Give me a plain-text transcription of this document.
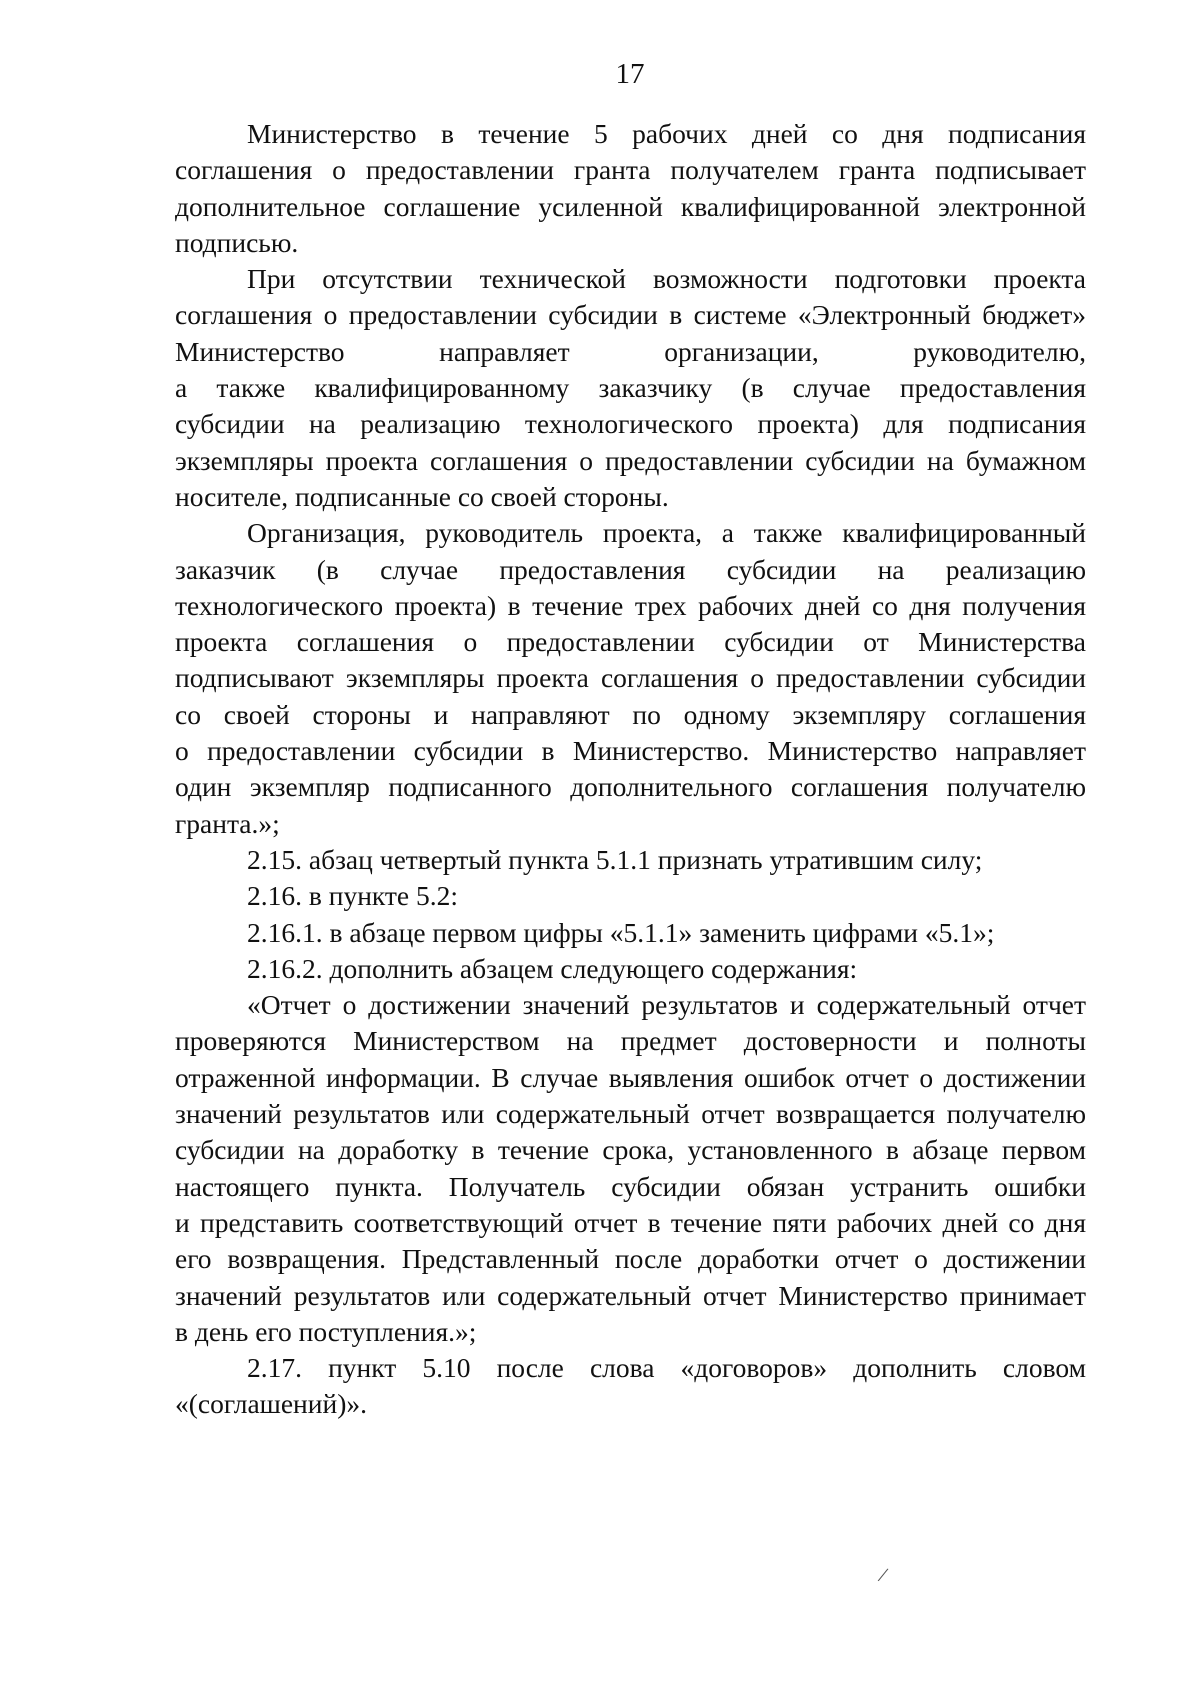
17
Министерство в течение 5 рабочих дней со дня подписания
соглашения о предоставлении гранта получателем гранта подписывает
дополнительное соглашение усиленной квалифицированной электронной
подписью.
При отсутствии технической возможности подготовки проекта
соглашения о предоставлении субсидии в системе «Электронный бюджет»
Министерство направляет организации, руководителю,
а также квалифицированному заказчику (в случае предоставления
субсидии на реализацию технологического проекта) для подписания
экземпляры проекта соглашения о предоставлении субсидии на бумажном
носителе, подписанные со своей стороны.
Организация, руководитель проекта, а также квалифицированный
заказчик (в случае предоставления субсидии на реализацию
технологического проекта) в течение трех рабочих дней со дня получения
проекта соглашения о предоставлении субсидии от Министерства
подписывают экземпляры проекта соглашения о предоставлении субсидии
со своей стороны и направляют по одному экземпляру соглашения
о предоставлении субсидии в Министерство. Министерство направляет
один экземпляр подписанного дополнительного соглашения получателю
гранта.»;
2.15. абзац четвертый пункта 5.1.1 признать утратившим силу;
2.16. в пункте 5.2:
2.16.1. в абзаце первом цифры «5.1.1» заменить цифрами «5.1»;
2.16.2. дополнить абзацем следующего содержания:
«Отчет о достижении значений результатов и содержательный отчет
проверяются Министерством на предмет достоверности и полноты
отраженной информации. В случае выявления ошибок отчет о достижении
значений результатов или содержательный отчет возвращается получателю
субсидии на доработку в течение срока, установленного в абзаце первом
настоящего пункта. Получатель субсидии обязан устранить ошибки
и представить соответствующий отчет в течение пяти рабочих дней со дня
его возвращения. Представленный после доработки отчет о достижении
значений результатов или содержательный отчет Министерство принимает
в день его поступления.»;
2.17. пункт 5.10 после слова «договоров» дополнить словом
«(соглашений)».
/
